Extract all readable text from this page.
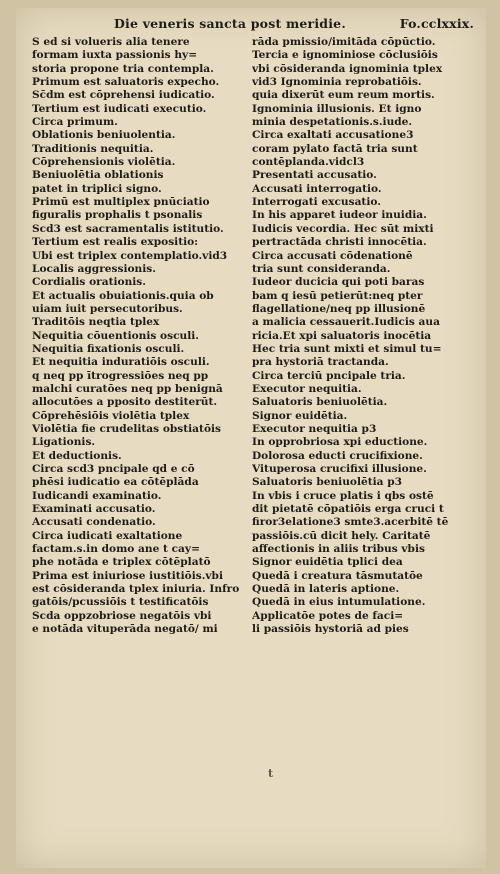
Die veneris sancta post meridie.	Fo.cclxxix.
S ed si volueris alia tenere
formam iuxta passionis hy=
storia propone tria contempla.
Primum est saluatoris expecho.
Sc̄dm est cōprehensi iudicatio.
Tertium est iudicati executio.
Circa primum.
Oblationis beniuolentia.
Traditionis nequitia.
Cōprehensionis violētia.
Beniuolētia oblationis
patet in triplici signo.
Primū est multiplex pnūciatio
figuralis prophalis t psonalis
Scd3 est sacramentalis istitutio.
Tertium est realis expositio:
Ubi est triplex contemplatio.vid3
Localis aggressionis.
Cordialis orationis.
Et actualis obuiationis.quia ob
uiam iuit persecutoribus.
Traditōis neqtia tplex
Nequitia cōuentionis osculi.
Nequitia fixationis osculi.
Et nequitia induratiōis osculi.
q neq pp ītrogressiōes neq pp
malchi curatōes neq pp benignā
allocutōes a pposito destiterūt.
Cōprehēsiōis violētia tplex
Violētia fie crudelitas obstiatōis
Ligationis.
Et deductionis.
Circa scd3 pncipale qd e cō
phēsi iudicatio ea cōtēplāda
Iudicandi examinatio.
Examinati accusatio.
Accusati condenatio.
Circa iudicati exaltatione
factam.s.in domo ane t cay=
phe notāda e triplex cōtēplatō
Prima est iniuriose iustitiōis.vbi
est cōsideranda tplex iniuria. Infro
gatōis/pcussiōis t testificatōis
Scda oppzobriose negatōis vbi
e notāda vituperāda negatō/ mi
rāda pmissio/imitāda cōpūctio.
Tercia e ignominiose cōclusiōis
vbi cōsideranda ignominia tplex
vid3 Ignominia reprobatiōis.
quia dixerūt eum reum mortis.
Ignominia illusionis. Et igno
minia despetationis.s.iude.
Circa exaltati accusatione3
coram pylato factā tria sunt
contēplanda.vidcl3
Presentati accusatio.
Accusati interrogatio.
Interrogati excusatio.
In his apparet iudeor inuidia.
Iudicis vecordia. Hec sūt mixti
pertractāda christi innocētia.
Circa accusati cōdenationē
tria sunt consideranda.
Iudeor ducicia qui poti baras
bam q iesū petierūt:neq pter
flagellatione/neq pp illusionē
a malicia cessauerit.Iudicis aua
ricia.Et xpi saluatoris inocētia
Hec tria sunt mixti et simul tu=
pra hystoriā tractanda.
Circa terciū pncipale tria.
Executor nequitia.
Saluatoris beniuolētia.
Signor euidētia.
Executor nequitia p3
In opprobriosa xpi eductione.
Dolorosa educti crucifixione.
Vituperosa crucifixi illusione.
Saluatoris beniuolētia p3
In vbis i cruce platis i qbs ostē
dit pietatē cōpatiōis erga cruci t
firor3elatione3 smte3.acerbitē tē
passiōis.cū dicit hely. Caritatē
affectionis in aliis tribus vbis
Signor euidētia tplici dea
Quedā i creatura tāsmutatōe
Quedā in lateris aptione.
Quedā in eius intumulatione.
Applicatōe potes de faci=
li passiōis hystoriā ad pies
t
